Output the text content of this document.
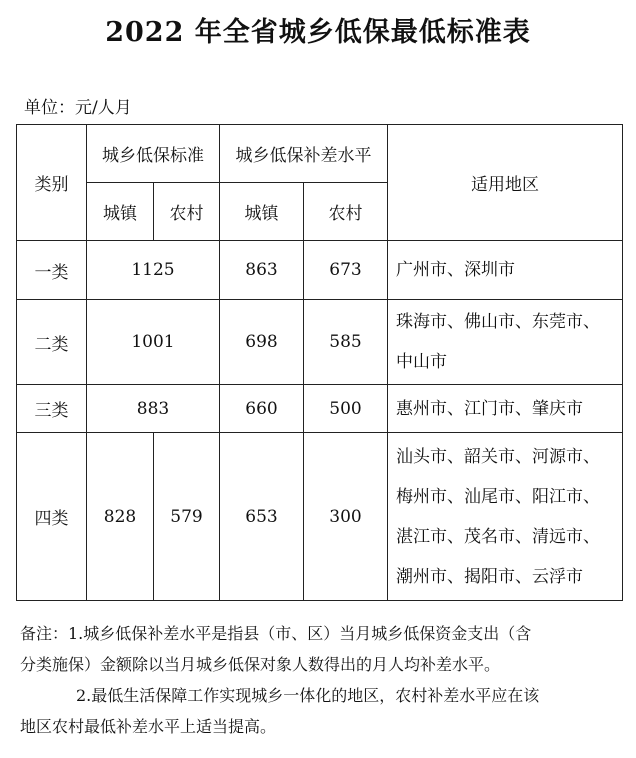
2022 年全省城乡低保最低标准表
单位：元/人月
类别	城乡低保标准		城乡低保补差水平		适用地区
	城镇	农村	城镇	农村	
一类	1125		863	673	广州市、深圳市
二类	1001		698	585	珠海市、佛山市、东莞市、
中山市

三类	883		660	500	惠州市、江门市、肇庆市
四类	828	579	653	300	汕头市、韶关市、河源市、
梅州市、汕尾市、阳江市、
湛江市、茂名市、清远市、
潮州市、揭阳市、云浮市

备注：1.城乡低保补差水平是指县（市、区）当月城乡低保资金支出（含

分类施保）金额除以当月城乡低保对象人数得出的月人均补差水平。

2.最低生活保障工作实现城乡一体化的地区，农村补差水平应在该

地区农村最低补差水平上适当提高。
